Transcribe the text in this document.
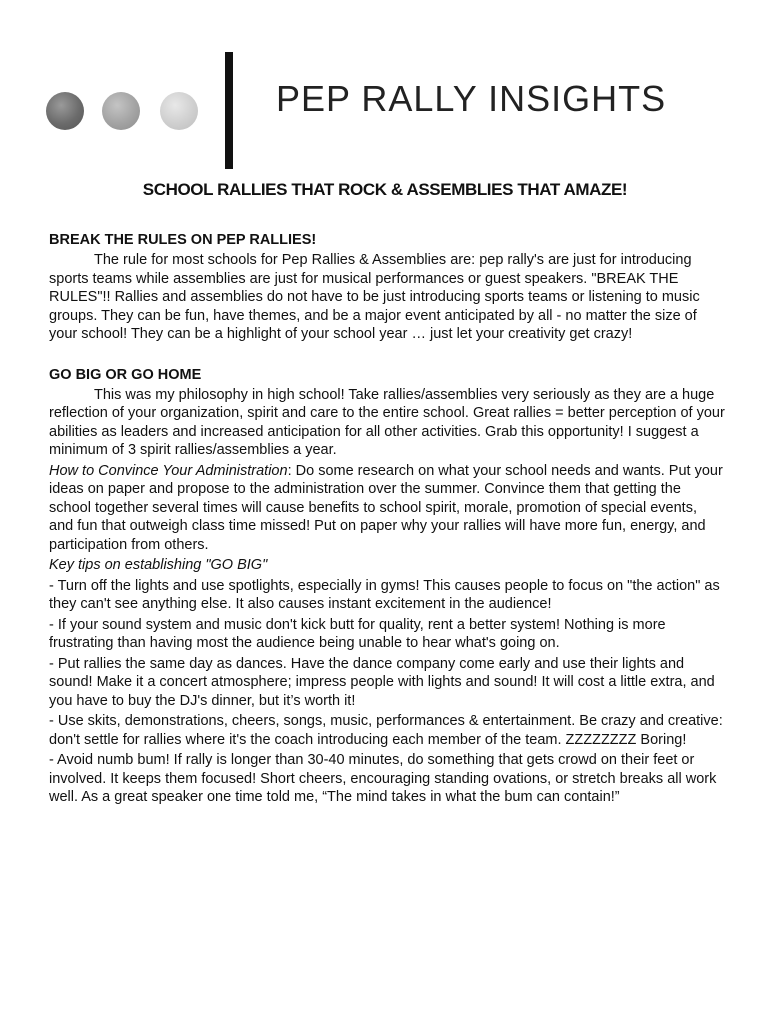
PEP RALLY INSIGHTS
SCHOOL RALLIES THAT ROCK & ASSEMBLIES THAT AMAZE!
BREAK THE RULES ON PEP RALLIES!

The rule for most schools for Pep Rallies & Assemblies are: pep rally's are just for introducing sports teams while assemblies are just for musical performances or guest speakers. "BREAK THE RULES"!! Rallies and assemblies do not have to be just introducing sports teams or listening to music groups. They can be fun, have themes, and be a major event anticipated by all - no matter the size of your school! They can be a highlight of your school year … just let your creativity get crazy!

GO BIG OR GO HOME

This was my philosophy in high school! Take rallies/assemblies very seriously as they are a huge reflection of your organization, spirit and care to the entire school. Great rallies = better perception of your abilities as leaders and increased anticipation for all other activities. Grab this opportunity! I suggest a minimum of 3 spirit rallies/assemblies a year.

How to Convince Your Administration: Do some research on what your school needs and wants. Put your ideas on paper and propose to the administration over the summer. Convince them that getting the school together several times will cause benefits to school spirit, morale, promotion of special events, and fun that outweigh class time missed! Put on paper why your rallies will have more fun, energy, and participation from others.

Key tips on establishing "GO BIG"

- Turn off the lights and use spotlights, especially in gyms! This causes people to focus on "the action" as they can't see anything else. It also causes instant excitement in the audience!

- If your sound system and music don't kick butt for quality, rent a better system! Nothing is more frustrating than having most the audience being unable to hear what's going on.

- Put rallies the same day as dances. Have the dance company come early and use their lights and sound! Make it a concert atmosphere; impress people with lights and sound! It will cost a little extra, and you have to buy the DJ's dinner, but it’s worth it!

- Use skits, demonstrations, cheers, songs, music, performances & entertainment. Be crazy and creative: don't settle for rallies where it's the coach introducing each member of the team. ZZZZZZZZ Boring!

- Avoid numb bum! If rally is longer than 30-40 minutes, do something that gets crowd on their feet or involved. It keeps them focused! Short cheers, encouraging standing ovations, or stretch breaks all work well. As a great speaker one time told me, “The mind takes in what the bum can contain!”
